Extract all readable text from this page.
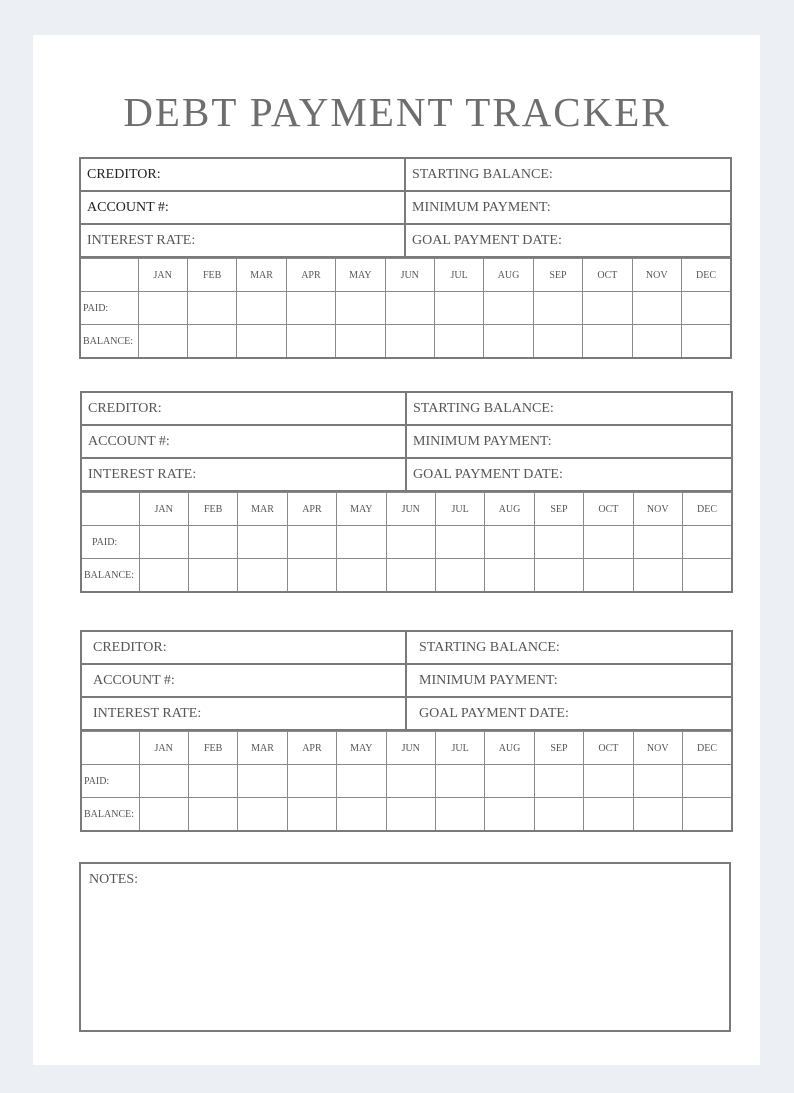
DEBT PAYMENT TRACKER
CREDITOR:	STARTING BALANCE:
ACCOUNT #:	MINIMUM PAYMENT:
INTEREST RATE:	GOAL PAYMENT DATE:
	JAN	FEB	MAR	APR	MAY	JUN	JUL	AUG	SEP	OCT	NOV	DEC
PAID:												
BALANCE:												
CREDITOR:	STARTING BALANCE:
ACCOUNT #:	MINIMUM PAYMENT:
INTEREST RATE:	GOAL PAYMENT DATE:
	JAN	FEB	MAR	APR	MAY	JUN	JUL	AUG	SEP	OCT	NOV	DEC
PAID:												
BALANCE:												
CREDITOR:	STARTING BALANCE:
ACCOUNT #:	MINIMUM PAYMENT:
INTEREST RATE:	GOAL PAYMENT DATE:
	JAN	FEB	MAR	APR	MAY	JUN	JUL	AUG	SEP	OCT	NOV	DEC
PAID:												
BALANCE:												
NOTES:
